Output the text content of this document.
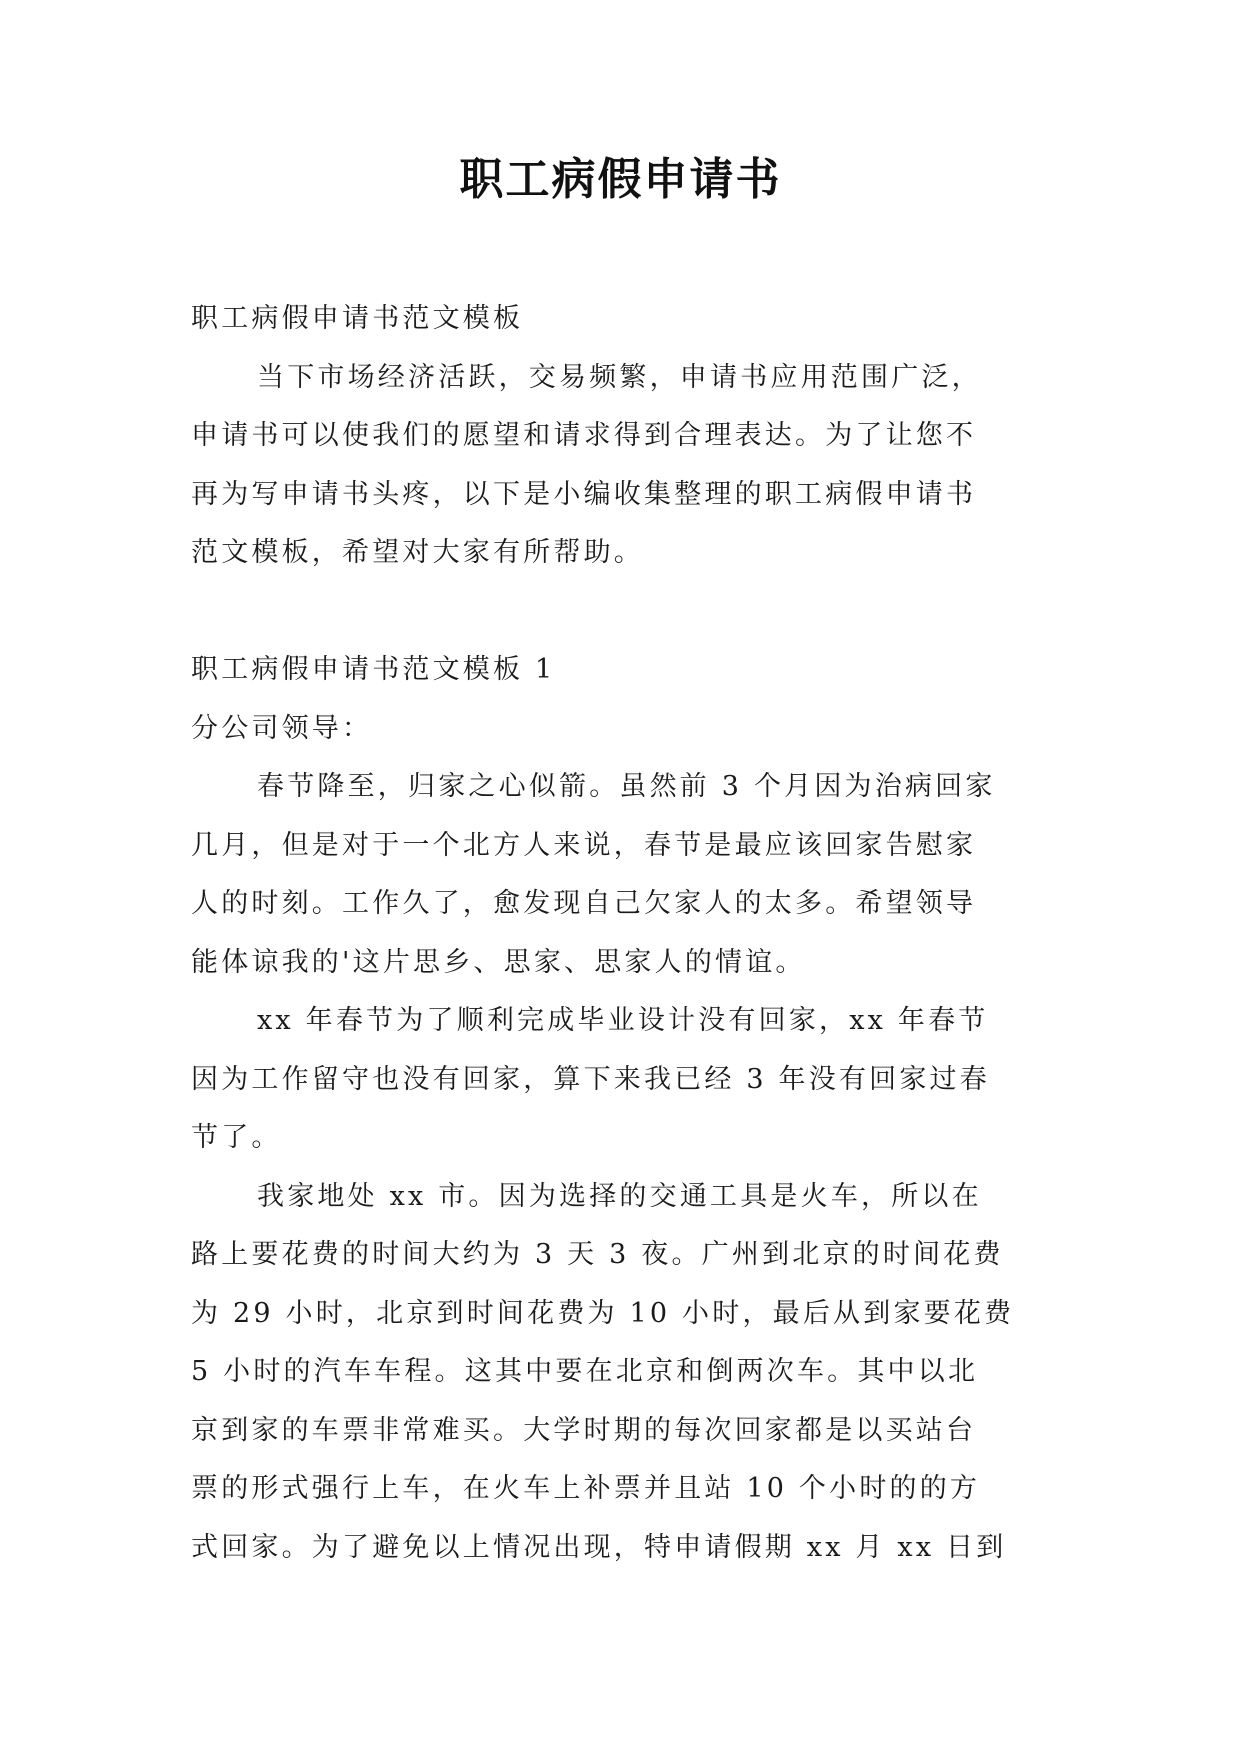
职工病假申请书
职工病假申请书范文模板
当下市场经济活跃，交易频繁，申请书应用范围广泛，
申请书可以使我们的愿望和请求得到合理表达。为了让您不
再为写申请书头疼，以下是小编收集整理的职工病假申请书
范文模板，希望对大家有所帮助。
职工病假申请书范文模板 1
分公司领导：
春节降至，归家之心似箭。虽然前 3 个月因为治病回家
几月，但是对于一个北方人来说，春节是最应该回家告慰家
人的时刻。工作久了，愈发现自己欠家人的太多。希望领导
能体谅我的'这片思乡、思家、思家人的情谊。
xx 年春节为了顺利完成毕业设计没有回家，xx 年春节
因为工作留守也没有回家，算下来我已经 3 年没有回家过春
节了。
我家地处 xx 市。因为选择的交通工具是火车，所以在
路上要花费的时间大约为 3 天 3 夜。广州到北京的时间花费
为 29 小时，北京到时间花费为 10 小时，最后从到家要花费
5 小时的汽车车程。这其中要在北京和倒两次车。其中以北
京到家的车票非常难买。大学时期的每次回家都是以买站台
票的形式强行上车，在火车上补票并且站 10 个小时的的方
式回家。为了避免以上情况出现，特申请假期 xx 月 xx 日到
